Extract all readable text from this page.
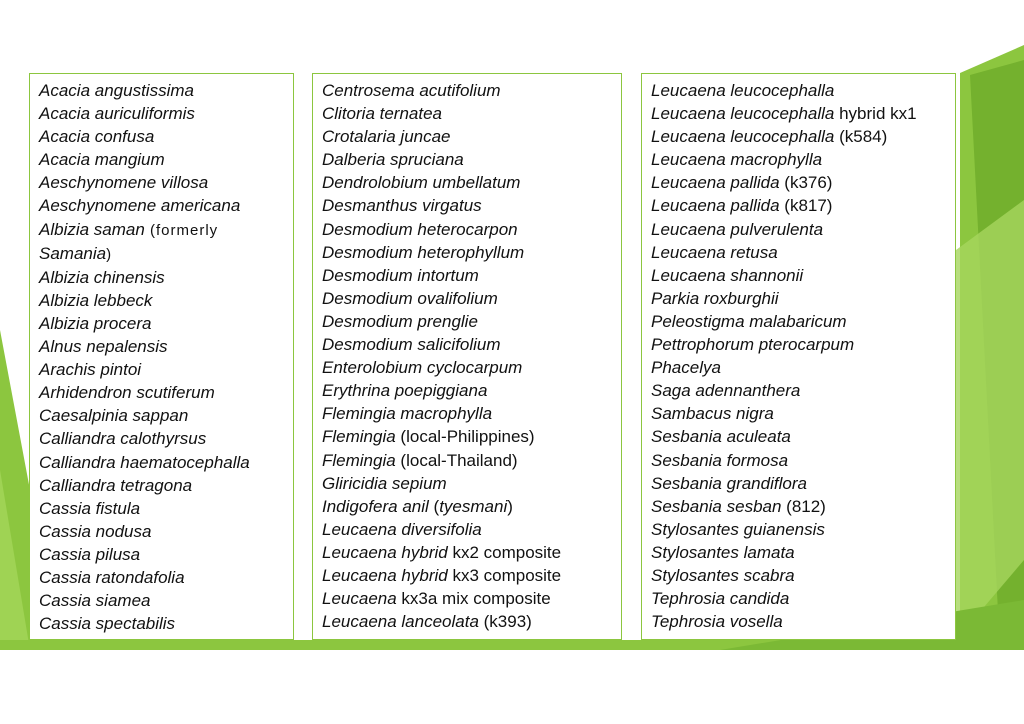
Acacia angustissima
Acacia auriculiformis
Acacia confusa
Acacia mangium
Aeschynomene villosa
Aeschynomene americana
Albizia saman (formerly Samania)
Albizia chinensis
Albizia lebbeck
Albizia procera
Alnus nepalensis
Arachis pintoi
Arhidendron scutiferum
Caesalpinia sappan
Calliandra calothyrsus
Calliandra haematocephalla
Calliandra tetragona
Cassia fistula
Cassia nodusa
Cassia pilusa
Cassia ratondafolia
Cassia siamea
Cassia spectabilis
Centrosema acutifolium
Clitoria ternatea
Crotalaria juncae
Dalberia spruciana
Dendrolobium umbellatum
Desmanthus virgatus
Desmodium heterocarpon
Desmodium heterophyllum
Desmodium intortum
Desmodium ovalifolium
Desmodium prenglie
Desmodium salicifolium
Enterolobium cyclocarpum
Erythrina poepiggiana
Flemingia macrophylla
Flemingia (local-Philippines)
Flemingia (local-Thailand)
Gliricidia sepium
Indigofera anil (tyesmani)
Leucaena diversifolia
Leucaena hybrid kx2 composite
Leucaena hybrid kx3 composite
Leucaena kx3a mix composite
Leucaena lanceolata (k393)
Leucaena leucocephalla
Leucaena leucocephalla hybrid kx1
Leucaena leucocephalla (k584)
Leucaena macrophylla
Leucaena pallida (k376)
Leucaena pallida (k817)
Leucaena pulverulenta
Leucaena retusa
Leucaena shannonii
Parkia roxburghii
Peleostigma malabaricum
Pettrophorum pterocarpum
Phacelya
Saga adennanthera
Sambacus nigra
Sesbania aculeata
Sesbania formosa
Sesbania grandiflora
Sesbania sesban (812)
Stylosantes guianensis
Stylosantes lamata
Stylosantes scabra
Tephrosia candida
Tephrosia vosella
